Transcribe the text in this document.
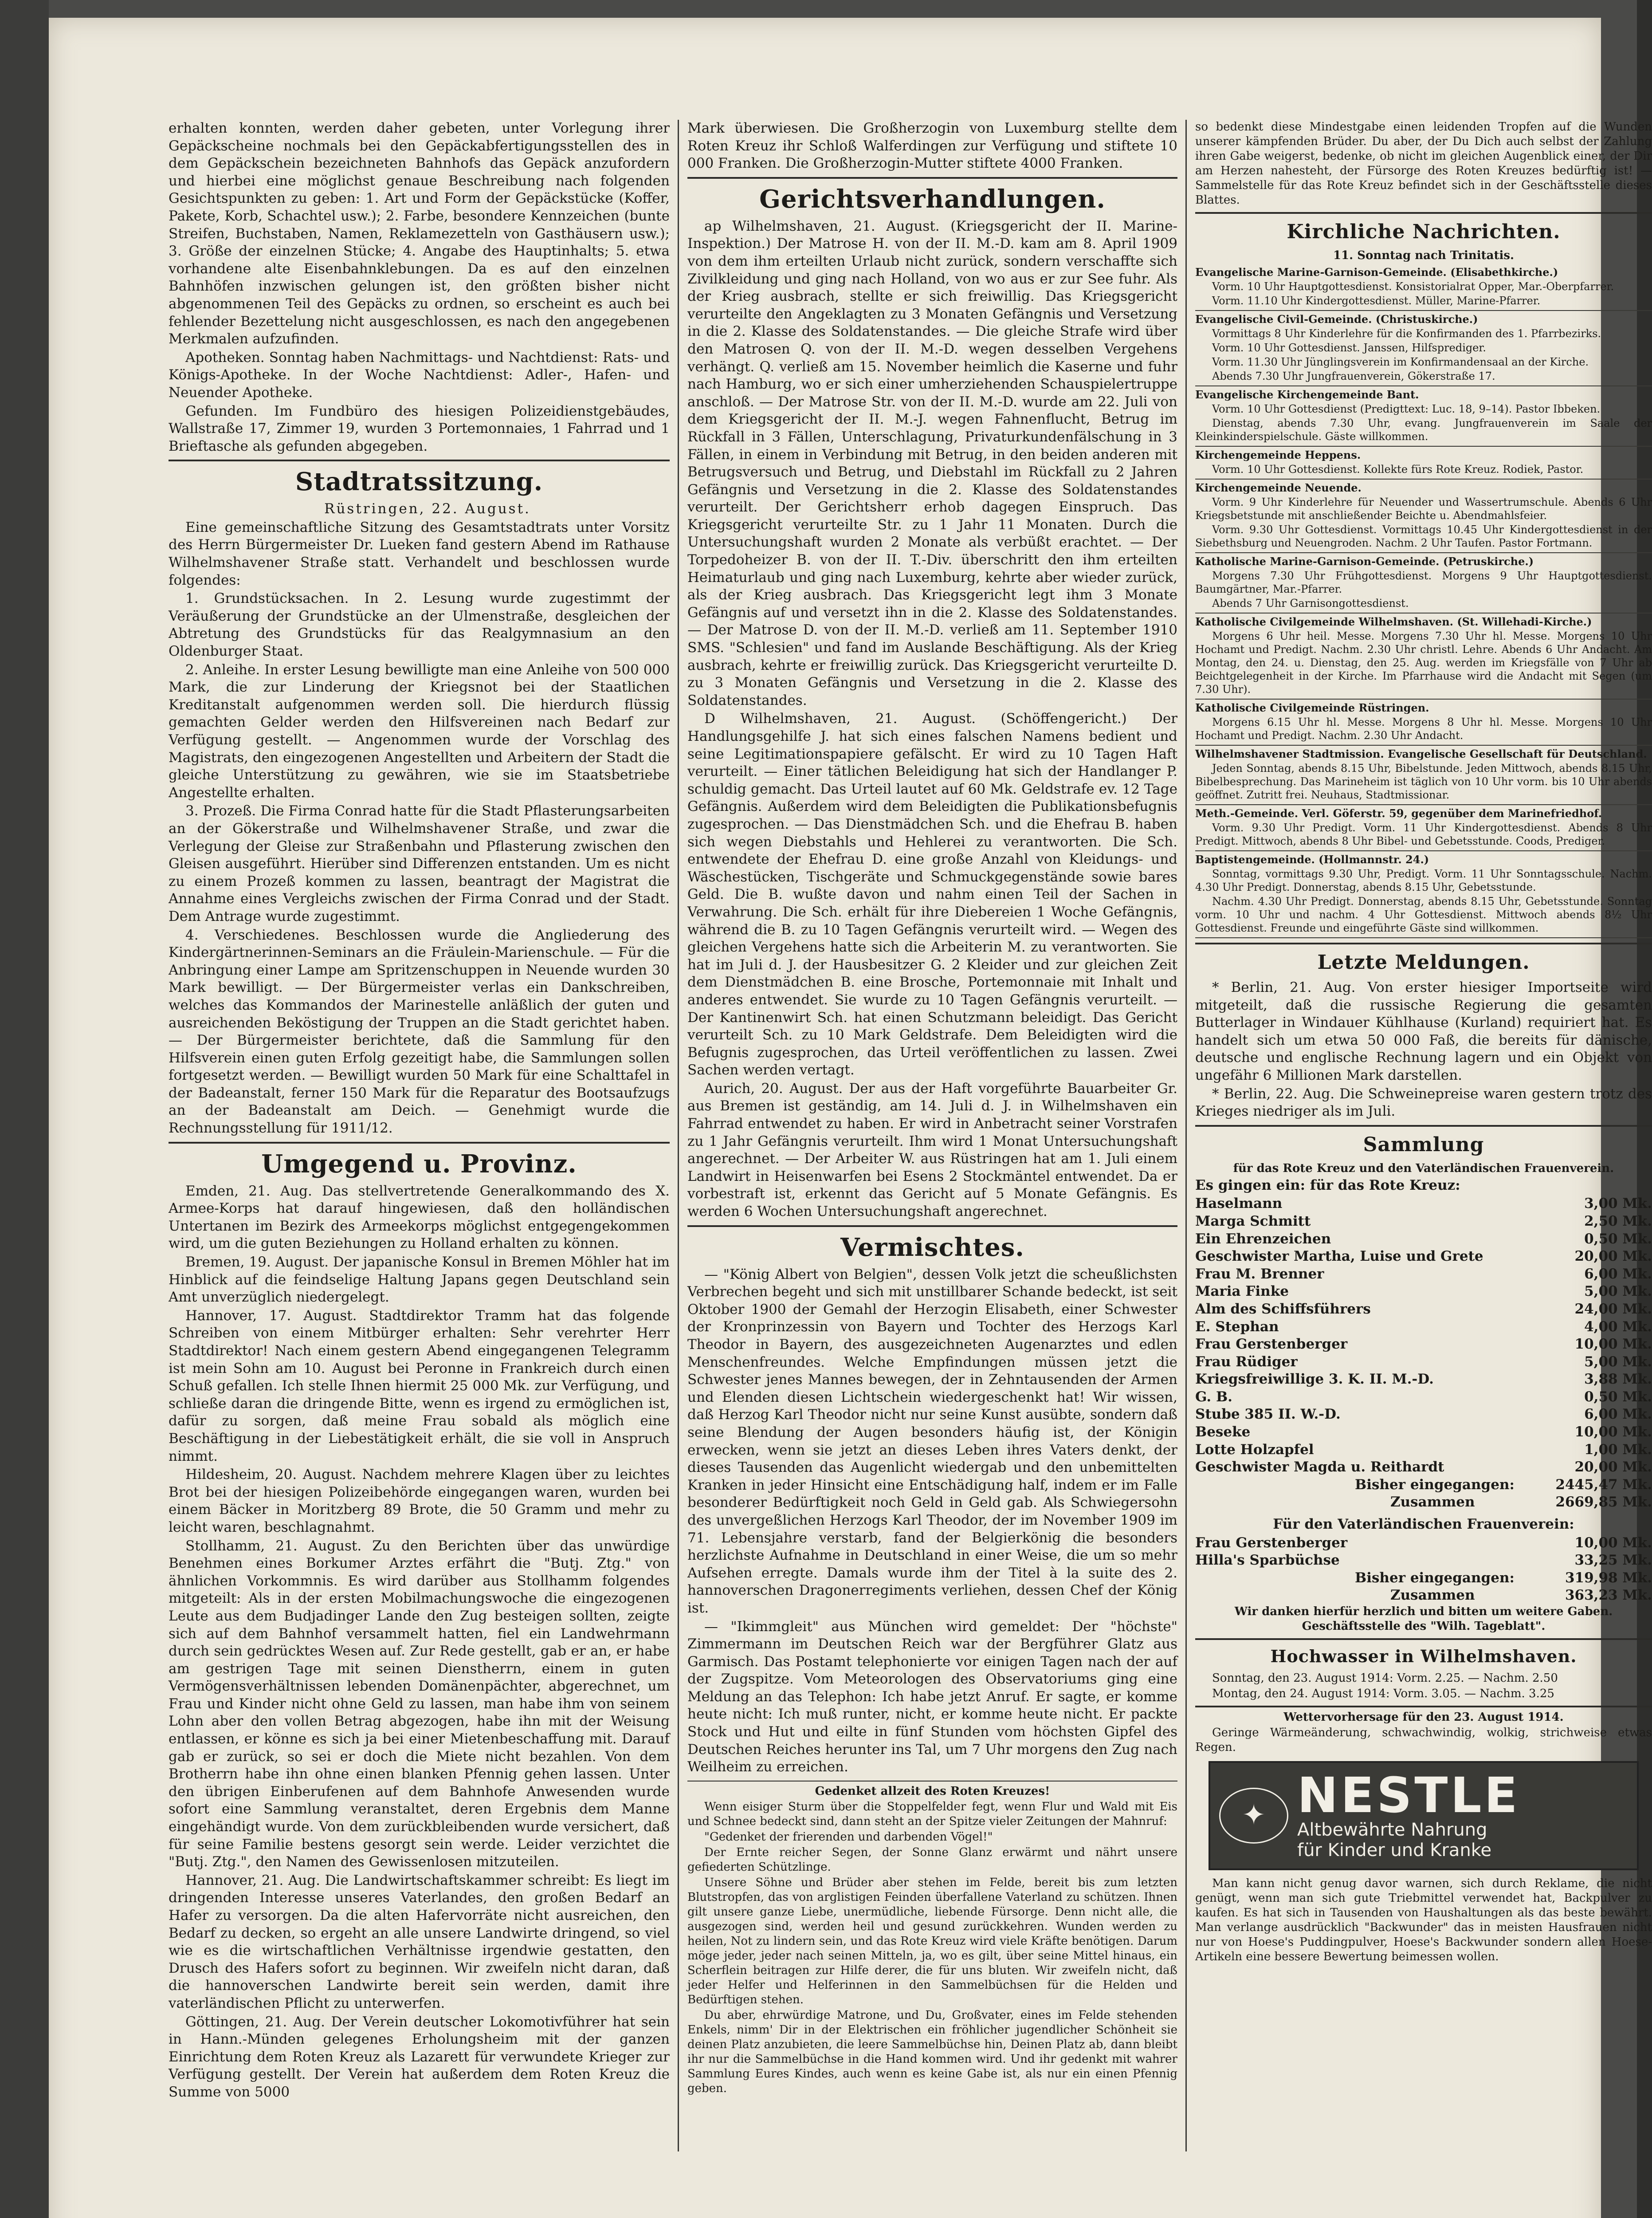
erhalten konnten, werden daher gebeten, unter Vorlegung ihrer Gepäckscheine nochmals bei den Gepäckabfertigungsstellen des in dem Gepäckschein bezeichneten Bahnhofs das Gepäck anzufordern und hierbei eine möglichst genaue Beschreibung nach folgenden Gesichtspunkten zu geben: 1. Art und Form der Gepäckstücke (Koffer, Pakete, Korb, Schachtel usw.); 2. Farbe, besondere Kennzeichen (bunte Streifen, Buchstaben, Namen, Reklamezetteln von Gasthäusern usw.); 3. Größe der einzelnen Stücke; 4. Angabe des Hauptinhalts; 5. etwa vorhandene alte Eisenbahnklebungen. Da es auf den einzelnen Bahnhöfen inzwischen gelungen ist, den größten bisher nicht abgenommenen Teil des Gepäcks zu ordnen, so erscheint es auch bei fehlender Bezettelung nicht ausgeschlossen, es nach den angegebenen Merkmalen aufzufinden.

Apotheken. Sonntag haben Nachmittags- und Nachtdienst: Rats- und Königs-Apotheke. In der Woche Nachtdienst: Adler-, Hafen- und Neuender Apotheke.

Gefunden. Im Fundbüro des hiesigen Polizeidienstgebäudes, Wallstraße 17, Zimmer 19, wurden 3 Portemonnaies, 1 Fahrrad und 1 Brieftasche als gefunden abgegeben.

Stadtratssitzung.

Rüstringen, 22. August.

Eine gemeinschaftliche Sitzung des Gesamtstadtrats unter Vorsitz des Herrn Bürgermeister Dr. Lueken fand gestern Abend im Rathause Wilhelmshavener Straße statt. Verhandelt und beschlossen wurde folgendes:

1. Grundstücksachen. In 2. Lesung wurde zugestimmt der Veräußerung der Grundstücke an der Ulmenstraße, desgleichen der Abtretung des Grundstücks für das Realgymnasium an den Oldenburger Staat.

2. Anleihe. In erster Lesung bewilligte man eine Anleihe von 500 000 Mark, die zur Linderung der Kriegsnot bei der Staatlichen Kreditanstalt aufgenommen werden soll. Die hierdurch flüssig gemachten Gelder werden den Hilfsvereinen nach Bedarf zur Verfügung gestellt. — Angenommen wurde der Vorschlag des Magistrats, den eingezogenen Angestellten und Arbeitern der Stadt die gleiche Unterstützung zu gewähren, wie sie im Staatsbetriebe Angestellte erhalten.

3. Prozeß. Die Firma Conrad hatte für die Stadt Pflasterungsarbeiten an der Gökerstraße und Wilhelmshavener Straße, und zwar die Verlegung der Gleise zur Straßenbahn und Pflasterung zwischen den Gleisen ausgeführt. Hierüber sind Differenzen entstanden. Um es nicht zu einem Prozeß kommen zu lassen, beantragt der Magistrat die Annahme eines Vergleichs zwischen der Firma Conrad und der Stadt. Dem Antrage wurde zugestimmt.

4. Verschiedenes. Beschlossen wurde die Angliederung des Kindergärtnerinnen-Seminars an die Fräulein-Marienschule. — Für die Anbringung einer Lampe am Spritzenschuppen in Neuende wurden 30 Mark bewilligt. — Der Bürgermeister verlas ein Dankschreiben, welches das Kommandos der Marinestelle anläßlich der guten und ausreichenden Beköstigung der Truppen an die Stadt gerichtet haben. — Der Bürgermeister berichtete, daß die Sammlung für den Hilfsverein einen guten Erfolg gezeitigt habe, die Sammlungen sollen fortgesetzt werden. — Bewilligt wurden 50 Mark für eine Schalttafel in der Badeanstalt, ferner 150 Mark für die Reparatur des Bootsaufzugs an der Badeanstalt am Deich. — Genehmigt wurde die Rechnungsstellung für 1911/12.

Umgegend u. Provinz.

Emden, 21. Aug. Das stellvertretende Generalkommando des X. Armee-Korps hat darauf hingewiesen, daß den holländischen Untertanen im Bezirk des Armeekorps möglichst entgegengekommen wird, um die guten Beziehungen zu Holland erhalten zu können.

Bremen, 19. August. Der japanische Konsul in Bremen Möhler hat im Hinblick auf die feindselige Haltung Japans gegen Deutschland sein Amt unverzüglich niedergelegt.

Hannover, 17. August. Stadtdirektor Tramm hat das folgende Schreiben von einem Mitbürger erhalten: Sehr verehrter Herr Stadtdirektor! Nach einem gestern Abend eingegangenen Telegramm ist mein Sohn am 10. August bei Peronne in Frankreich durch einen Schuß gefallen. Ich stelle Ihnen hiermit 25 000 Mk. zur Verfügung, und schließe daran die dringende Bitte, wenn es irgend zu ermöglichen ist, dafür zu sorgen, daß meine Frau sobald als möglich eine Beschäftigung in der Liebestätigkeit erhält, die sie voll in Anspruch nimmt.

Hildesheim, 20. August. Nachdem mehrere Klagen über zu leichtes Brot bei der hiesigen Polizeibehörde eingegangen waren, wurden bei einem Bäcker in Moritzberg 89 Brote, die 50 Gramm und mehr zu leicht waren, beschlagnahmt.

Stollhamm, 21. August. Zu den Berichten über das unwürdige Benehmen eines Borkumer Arztes erfährt die "Butj. Ztg." von ähnlichen Vorkommnis. Es wird darüber aus Stollhamm folgendes mitgeteilt: Als in der ersten Mobilmachungswoche die eingezogenen Leute aus dem Budjadinger Lande den Zug besteigen sollten, zeigte sich auf dem Bahnhof versammelt hatten, fiel ein Landwehrmann durch sein gedrücktes Wesen auf. Zur Rede gestellt, gab er an, er habe am gestrigen Tage mit seinen Dienstherrn, einem in guten Vermögensverhältnissen lebenden Domänenpächter, abgerechnet, um Frau und Kinder nicht ohne Geld zu lassen, man habe ihm von seinem Lohn aber den vollen Betrag abgezogen, habe ihn mit der Weisung entlassen, er könne es sich ja bei einer Mietenbeschaffung mit. Darauf gab er zurück, so sei er doch die Miete nicht bezahlen. Von dem Brotherrn habe ihn ohne einen blanken Pfennig gehen lassen. Unter den übrigen Einberufenen auf dem Bahnhofe Anwesenden wurde sofort eine Sammlung veranstaltet, deren Ergebnis dem Manne eingehändigt wurde. Von dem zurückbleibenden wurde versichert, daß für seine Familie bestens gesorgt sein werde. Leider verzichtet die "Butj. Ztg.", den Namen des Gewissenlosen mitzuteilen.

Hannover, 21. Aug. Die Landwirtschaftskammer schreibt: Es liegt im dringenden Interesse unseres Vaterlandes, den großen Bedarf an Hafer zu versorgen. Da die alten Hafervorräte nicht ausreichen, den Bedarf zu decken, so ergeht an alle unsere Landwirte dringend, so viel wie es die wirtschaftlichen Verhältnisse irgendwie gestatten, den Drusch des Hafers sofort zu beginnen. Wir zweifeln nicht daran, daß die hannoverschen Landwirte bereit sein werden, damit ihre vaterländischen Pflicht zu unterwerfen.

Göttingen, 21. Aug. Der Verein deutscher Lokomotivführer hat sein in Hann.-Münden gelegenes Erholungsheim mit der ganzen Einrichtung dem Roten Kreuz als Lazarett für verwundete Krieger zur Verfügung gestellt. Der Verein hat außerdem dem Roten Kreuz die Summe von 5000

Mark überwiesen. Die Großherzogin von Luxemburg stellte dem Roten Kreuz ihr Schloß Walferdingen zur Verfügung und stiftete 10 000 Franken. Die Großherzogin-Mutter stiftete 4000 Franken.

Gerichtsverhandlungen.

ap Wilhelmshaven, 21. August. (Kriegsgericht der II. Marine-Inspektion.) Der Matrose H. von der II. M.-D. kam am 8. April 1909 von dem ihm erteilten Urlaub nicht zurück, sondern verschaffte sich Zivilkleidung und ging nach Holland, von wo aus er zur See fuhr. Als der Krieg ausbrach, stellte er sich freiwillig. Das Kriegsgericht verurteilte den Angeklagten zu 3 Monaten Gefängnis und Versetzung in die 2. Klasse des Soldatenstandes. — Die gleiche Strafe wird über den Matrosen Q. von der II. M.-D. wegen desselben Vergehens verhängt. Q. verließ am 15. November heimlich die Kaserne und fuhr nach Hamburg, wo er sich einer umherziehenden Schauspielertruppe anschloß. — Der Matrose Str. von der II. M.-D. wurde am 22. Juli von dem Kriegsgericht der II. M.-J. wegen Fahnenflucht, Betrug im Rückfall in 3 Fällen, Unterschlagung, Privaturkundenfälschung in 3 Fällen, in einem in Verbindung mit Betrug, in den beiden anderen mit Betrugsversuch und Betrug, und Diebstahl im Rückfall zu 2 Jahren Gefängnis und Versetzung in die 2. Klasse des Soldatenstandes verurteilt. Der Gerichtsherr erhob dagegen Einspruch. Das Kriegsgericht verurteilte Str. zu 1 Jahr 11 Monaten. Durch die Untersuchungshaft wurden 2 Monate als verbüßt erachtet. — Der Torpedoheizer B. von der II. T.-Div. überschritt den ihm erteilten Heimaturlaub und ging nach Luxemburg, kehrte aber wieder zurück, als der Krieg ausbrach. Das Kriegsgericht legt ihm 3 Monate Gefängnis auf und versetzt ihn in die 2. Klasse des Soldatenstandes. — Der Matrose D. von der II. M.-D. verließ am 11. September 1910 SMS. "Schlesien" und fand im Auslande Beschäftigung. Als der Krieg ausbrach, kehrte er freiwillig zurück. Das Kriegsgericht verurteilte D. zu 3 Monaten Gefängnis und Versetzung in die 2. Klasse des Soldatenstandes.

D Wilhelmshaven, 21. August. (Schöffengericht.) Der Handlungsgehilfe J. hat sich eines falschen Namens bedient und seine Legitimationspapiere gefälscht. Er wird zu 10 Tagen Haft verurteilt. — Einer tätlichen Beleidigung hat sich der Handlanger P. schuldig gemacht. Das Urteil lautet auf 60 Mk. Geldstrafe ev. 12 Tage Gefängnis. Außerdem wird dem Beleidigten die Publikationsbefugnis zugesprochen. — Das Dienstmädchen Sch. und die Ehefrau B. haben sich wegen Diebstahls und Hehlerei zu verantworten. Die Sch. entwendete der Ehefrau D. eine große Anzahl von Kleidungs- und Wäschestücken, Tischgeräte und Schmuckgegenstände sowie bares Geld. Die B. wußte davon und nahm einen Teil der Sachen in Verwahrung. Die Sch. erhält für ihre Diebereien 1 Woche Gefängnis, während die B. zu 10 Tagen Gefängnis verurteilt wird. — Wegen des gleichen Vergehens hatte sich die Arbeiterin M. zu verantworten. Sie hat im Juli d. J. der Hausbesitzer G. 2 Kleider und zur gleichen Zeit dem Dienstmädchen B. eine Brosche, Portemonnaie mit Inhalt und anderes entwendet. Sie wurde zu 10 Tagen Gefängnis verurteilt. — Der Kantinenwirt Sch. hat einen Schutzmann beleidigt. Das Gericht verurteilt Sch. zu 10 Mark Geldstrafe. Dem Beleidigten wird die Befugnis zugesprochen, das Urteil veröffentlichen zu lassen. Zwei Sachen werden vertagt.

Aurich, 20. August. Der aus der Haft vorgeführte Bauarbeiter Gr. aus Bremen ist geständig, am 14. Juli d. J. in Wilhelmshaven ein Fahrrad entwendet zu haben. Er wird in Anbetracht seiner Vorstrafen zu 1 Jahr Gefängnis verurteilt. Ihm wird 1 Monat Untersuchungshaft angerechnet. — Der Arbeiter W. aus Rüstringen hat am 1. Juli einem Landwirt in Heisenwarfen bei Esens 2 Stockmäntel entwendet. Da er vorbestraft ist, erkennt das Gericht auf 5 Monate Gefängnis. Es werden 6 Wochen Untersuchungshaft angerechnet.

Vermischtes.

— "König Albert von Belgien", dessen Volk jetzt die scheußlichsten Verbrechen begeht und sich mit unstillbarer Schande bedeckt, ist seit Oktober 1900 der Gemahl der Herzogin Elisabeth, einer Schwester der Kronprinzessin von Bayern und Tochter des Herzogs Karl Theodor in Bayern, des ausgezeichneten Augenarztes und edlen Menschenfreundes. Welche Empfindungen müssen jetzt die Schwester jenes Mannes bewegen, der in Zehntausenden der Armen und Elenden diesen Lichtschein wiedergeschenkt hat! Wir wissen, daß Herzog Karl Theodor nicht nur seine Kunst ausübte, sondern daß seine Blendung der Augen besonders häufig ist, der Königin erwecken, wenn sie jetzt an dieses Leben ihres Vaters denkt, der dieses Tausenden das Augenlicht wiedergab und den unbemittelten Kranken in jeder Hinsicht eine Entschädigung half, indem er im Falle besonderer Bedürftigkeit noch Geld in Geld gab. Als Schwiegersohn des unvergeßlichen Herzogs Karl Theodor, der im November 1909 im 71. Lebensjahre verstarb, fand der Belgierkönig die besonders herzlichste Aufnahme in Deutschland in einer Weise, die um so mehr Aufsehen erregte. Damals wurde ihm der Titel à la suite des 2. hannoverschen Dragonerregiments verliehen, dessen Chef der König ist.

— "Ikimmgleit" aus München wird gemeldet: Der "höchste" Zimmermann im Deutschen Reich war der Bergführer Glatz aus Garmisch. Das Postamt telephonierte vor einigen Tagen nach der auf der Zugspitze. Vom Meteorologen des Observatoriums ging eine Meldung an das Telephon: Ich habe jetzt Anruf. Er sagte, er komme heute nicht: Ich muß runter, nicht, er komme heute nicht. Er packte Stock und Hut und eilte in fünf Stunden vom höchsten Gipfel des Deutschen Reiches herunter ins Tal, um 7 Uhr morgens den Zug nach Weilheim zu erreichen.

Gedenket allzeit des Roten Kreuzes!

Wenn eisiger Sturm über die Stoppelfelder fegt, wenn Flur und Wald mit Eis und Schnee bedeckt sind, dann steht an der Spitze vieler Zeitungen der Mahnruf:

"Gedenket der frierenden und darbenden Vögel!"

Der Ernte reicher Segen, der Sonne Glanz erwärmt und nährt unsere gefiederten Schützlinge.

Unsere Söhne und Brüder aber stehen im Felde, bereit bis zum letzten Blutstropfen, das von arglistigen Feinden überfallene Vaterland zu schützen. Ihnen gilt unsere ganze Liebe, unermüdliche, liebende Fürsorge. Denn nicht alle, die ausgezogen sind, werden heil und gesund zurückkehren. Wunden werden zu heilen, Not zu lindern sein, und das Rote Kreuz wird viele Kräfte benötigen. Darum möge jeder, jeder nach seinen Mitteln, ja, wo es gilt, über seine Mittel hinaus, ein Scherflein beitragen zur Hilfe derer, die für uns bluten. Wir zweifeln nicht, daß jeder Helfer und Helferinnen in den Sammelbüchsen für die Helden und Bedürftigen stehen.

Du aber, ehrwürdige Matrone, und Du, Großvater, eines im Felde stehenden Enkels, nimm' Dir in der Elektrischen ein fröhlicher jugendlicher Schönheit sie deinen Platz anzubieten, die leere Sammelbüchse hin, Deinen Platz ab, dann bleibt ihr nur die Sammelbüchse in die Hand kommen wird. Und ihr gedenkt mit wahrer Sammlung Eures Kindes, auch wenn es keine Gabe ist, als nur ein einen Pfennig geben.

so bedenkt diese Mindestgabe einen leidenden Tropfen auf die Wunden unserer kämpfenden Brüder. Du aber, der Du Dich auch selbst der Zahlung ihren Gabe weigerst, bedenke, ob nicht im gleichen Augenblick einer, der Dir am Herzen nahesteht, der Fürsorge des Roten Kreuzes bedürftig ist! — Sammelstelle für das Rote Kreuz befindet sich in der Geschäftsstelle dieses Blattes.

Kirchliche Nachrichten.

11. Sonntag nach Trinitatis.

Evangelische Marine-Garnison-Gemeinde. (Elisabethkirche.)

Vorm. 10 Uhr Hauptgottesdienst. Konsistorialrat Opper, Mar.-Oberpfarrer.

Vorm. 11.10 Uhr Kindergottesdienst. Müller, Marine-Pfarrer.

Evangelische Civil-Gemeinde. (Christuskirche.)

Vormittags 8 Uhr Kinderlehre für die Konfirmanden des 1. Pfarrbezirks.

Vorm. 10 Uhr Gottesdienst. Janssen, Hilfsprediger.

Vorm. 11.30 Uhr Jünglingsverein im Konfirmandensaal an der Kirche.

Abends 7.30 Uhr Jungfrauenverein, Gökerstraße 17.

Evangelische Kirchengemeinde Bant.

Vorm. 10 Uhr Gottesdienst (Predigttext: Luc. 18, 9–14). Pastor Ibbeken.

Dienstag, abends 7.30 Uhr, evang. Jungfrauenverein im Saale der Kleinkinderspielschule. Gäste willkommen.

Kirchengemeinde Heppens.

Vorm. 10 Uhr Gottesdienst. Kollekte fürs Rote Kreuz. Rodiek, Pastor.

Kirchengemeinde Neuende.

Vorm. 9 Uhr Kinderlehre für Neuender und Wassertrumschule. Abends 6 Uhr Kriegsbetstunde mit anschließender Beichte u. Abendmahlsfeier.

Vorm. 9.30 Uhr Gottesdienst. Vormittags 10.45 Uhr Kindergottesdienst in der Siebethsburg und Neuengroden. Nachm. 2 Uhr Taufen. Pastor Fortmann.

Katholische Marine-Garnison-Gemeinde. (Petruskirche.)

Morgens 7.30 Uhr Frühgottesdienst. Morgens 9 Uhr Hauptgottesdienst. Baumgärtner, Mar.-Pfarrer.

Abends 7 Uhr Garnisongottesdienst.

Katholische Civilgemeinde Wilhelmshaven. (St. Willehadi-Kirche.)

Morgens 6 Uhr heil. Messe. Morgens 7.30 Uhr hl. Messe. Morgens 10 Uhr Hochamt und Predigt. Nachm. 2.30 Uhr christl. Lehre. Abends 6 Uhr Andacht. Am Montag, den 24. u. Dienstag, den 25. Aug. werden im Kriegsfälle von 7 Uhr ab Beichtgelegenheit in der Kirche. Im Pfarrhause wird die Andacht mit Segen (um 7.30 Uhr).

Katholische Civilgemeinde Rüstringen.

Morgens 6.15 Uhr hl. Messe. Morgens 8 Uhr hl. Messe. Morgens 10 Uhr Hochamt und Predigt. Nachm. 2.30 Uhr Andacht.

Wilhelmshavener Stadtmission. Evangelische Gesellschaft für Deutschland.

Jeden Sonntag, abends 8.15 Uhr, Bibelstunde. Jeden Mittwoch, abends 8.15 Uhr, Bibelbesprechung. Das Marineheim ist täglich von 10 Uhr vorm. bis 10 Uhr abends geöffnet. Zutritt frei. Neuhaus, Stadtmissionar.

Meth.-Gemeinde. Verl. Göferstr. 59, gegenüber dem Marinefriedhof.

Vorm. 9.30 Uhr Predigt. Vorm. 11 Uhr Kindergottesdienst. Abends 8 Uhr Predigt. Mittwoch, abends 8 Uhr Bibel- und Gebetsstunde. Coods, Prediger.

Baptistengemeinde. (Hollmannstr. 24.)

Sonntag, vormittags 9.30 Uhr, Predigt. Vorm. 11 Uhr Sonntagsschule. Nachm. 4.30 Uhr Predigt. Donnerstag, abends 8.15 Uhr, Gebetsstunde.

Nachm. 4.30 Uhr Predigt. Donnerstag, abends 8.15 Uhr, Gebetsstunde. Sonntag vorm. 10 Uhr und nachm. 4 Uhr Gottesdienst. Mittwoch abends 8½ Uhr Gottesdienst. Freunde und eingeführte Gäste sind willkommen.

Letzte Meldungen.

* Berlin, 21. Aug. Von erster hiesiger Importseite wird mitgeteilt, daß die russische Regierung die gesamten Butterlager in Windauer Kühlhause (Kurland) requiriert hat. Es handelt sich um etwa 50 000 Faß, die bereits für dänische, deutsche und englische Rechnung lagern und ein Objekt von ungefähr 6 Millionen Mark darstellen.

* Berlin, 22. Aug. Die Schweinepreise waren gestern trotz des Krieges niedriger als im Juli.

Sammlung

für das Rote Kreuz und den Vaterländischen Frauenverein.

Es gingen ein: für das Rote Kreuz:

Haselmann	3,00 Mk.
Marga Schmitt	2,50 Mk.
Ein Ehrenzeichen	0,50 Mk.
Geschwister Martha, Luise und Grete	20,00 Mk.
Frau M. Brenner	6,00 Mk.
Maria Finke	5,00 Mk.
Alm des Schiffsführers	24,00 Mk.
E. Stephan	4,00 Mk.
Frau Gerstenberger	10,00 Mk.
Frau Rüdiger	5,00 Mk.
Kriegsfreiwillige 3. K. II. M.-D.	3,88 Mk.
G. B.	0,50 Mk.
Stube 385 II. W.-D.	6,00 Mk.
Beseke	10,00 Mk.
Lotte Holzapfel	1,00 Mk.
Geschwister Magda u. Reithardt	20,00 Mk.
Bisher eingegangen:	2445,47 Mk.
Zusammen	2669,85 Mk.

Für den Vaterländischen Frauenverein:

Frau Gerstenberger	10,00 Mk.
Hilla's Sparbüchse	33,25 Mk.
Bisher eingegangen:	319,98 Mk.
Zusammen	363,23 Mk.

Wir danken hierfür herzlich und bitten um weitere Gaben. Geschäftsstelle des "Wilh. Tageblatt".

Hochwasser in Wilhelmshaven.

Sonntag, den 23. August 1914: Vorm. 2.25. — Nachm. 2.50

Montag, den 24. August 1914: Vorm. 3.05. — Nachm. 3.25

Wettervorhersage für den 23. August 1914.

Geringe Wärmeänderung, schwachwindig, wolkig, strichweise etwas Regen.

✦ NESTLE
Altbewährte Nahrung
für Kinder und Kranke

Man kann nicht genug davor warnen, sich durch Reklame, die nicht genügt, wenn man sich gute Triebmittel verwendet hat, Backpulver zu kaufen. Es hat sich in Tausenden von Haushaltungen als das beste bewährt. Man verlange ausdrücklich "Backwunder" das in meisten Hausfrauen nicht nur von Hoese's Puddingpulver, Hoese's Backwunder sondern allen Hoese-Artikeln eine bessere Bewertung beimessen wollen.
